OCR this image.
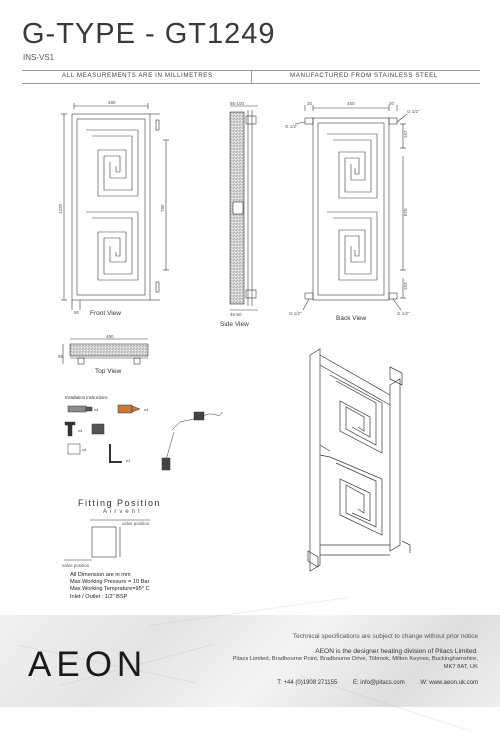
G-TYPE - GT1249
INS-VS1
ALL MEASUREMENTS ARE IN MILLIMETRES	MANUFACTURED FROM STAINLESS STEEL
490
1220	780
50 Front View
85-100
45-60
Side View
20	450	20
167
870
153
G 1/2"
G 1/2"
G 1/2"	G 1/2"
Back View
490
65
Top View
Installation Instructions
x4	x4
x4
x4
x1
Fitting Position
Airvent
valve position
valve position
All Dimension are in mm
Max.Working Pressure = 10 Bar
Max.Working Temprature=95° C
Inlet / Outlet : 1/2" BSP
AEON
Technical specifications are subject to change without prior notice
AEON is the designer heating division of Pitacs Limited.
Pitacs Limited, Bradbourne Point, Bradbourne Drive, Tilbrook, Milton Keynes, Buckinghamshire, MK7 8AT, UK
T: +44 (0)1908 271155	E: info@pitacs.com	W: www.aeon.uk.com
